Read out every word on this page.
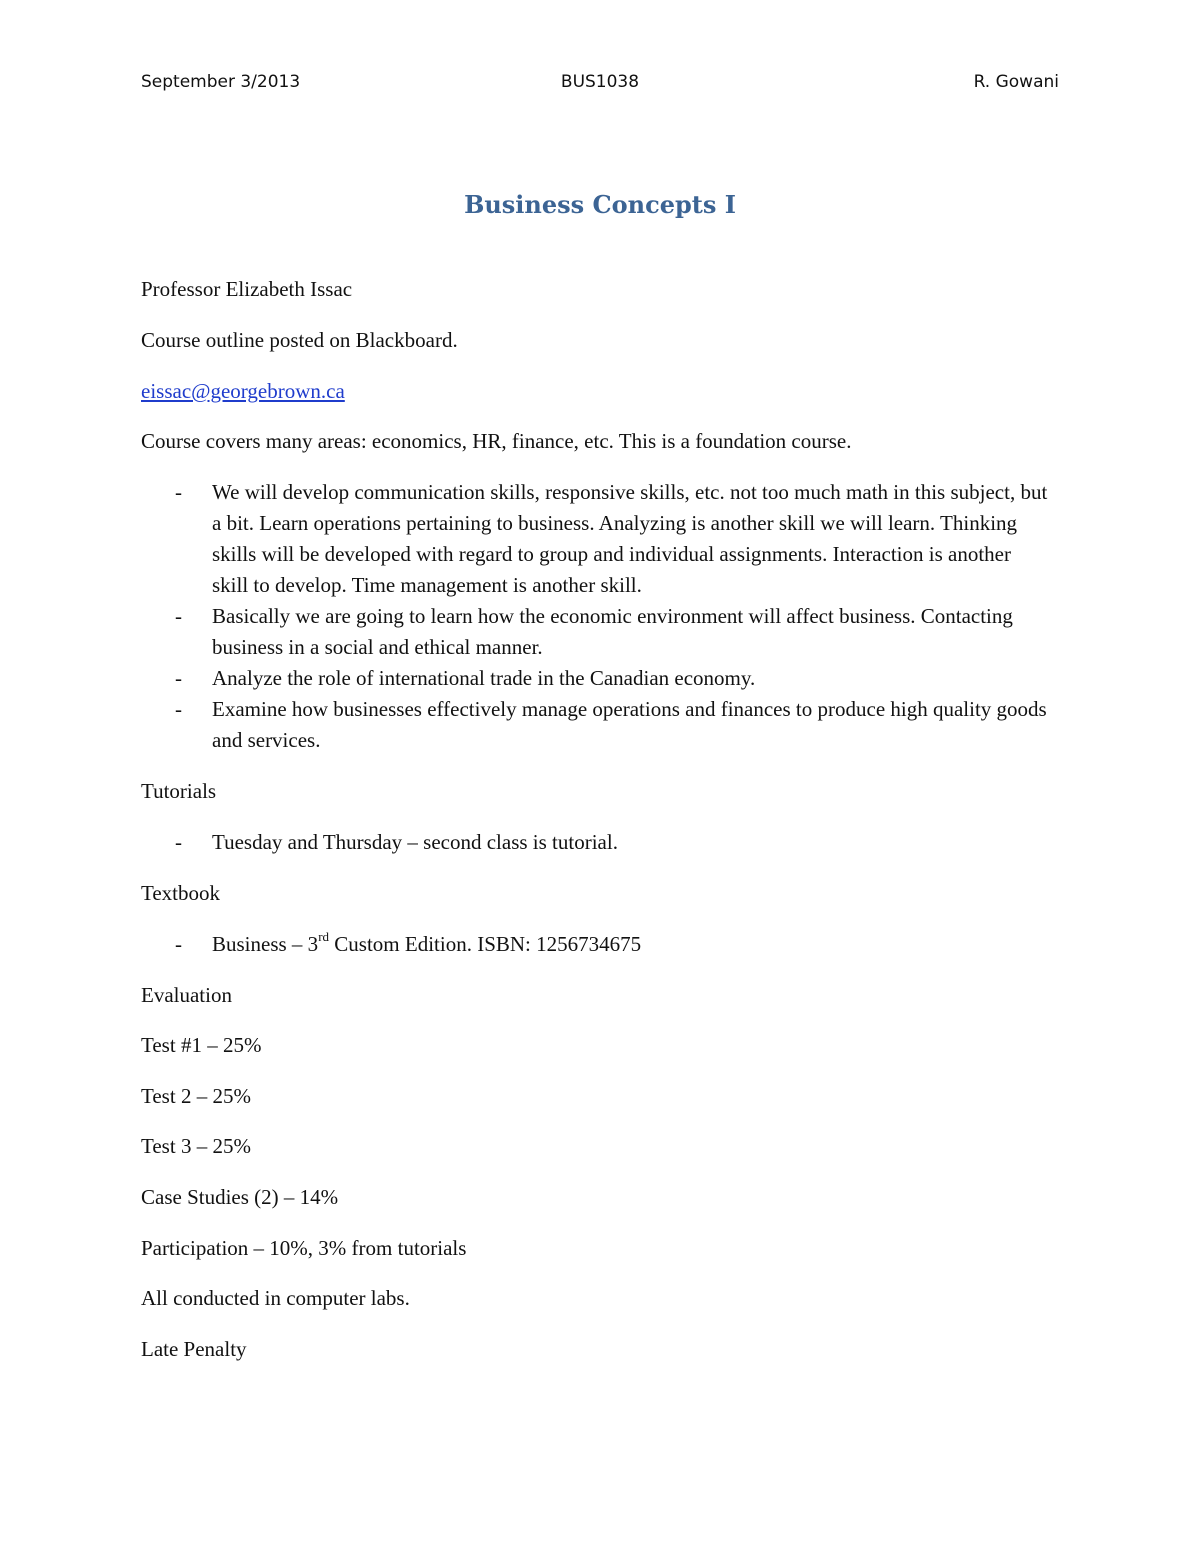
September 3/2013	BUS1038	R. Gowani
Business Concepts I
Professor Elizabeth Issac
Course outline posted on Blackboard.
eissac@georgebrown.ca
Course covers many areas: economics, HR, finance, etc. This is a foundation course.
- We will develop communication skills, responsive skills, etc. not too much math in this subject, but a bit. Learn operations pertaining to business. Analyzing is another skill we will learn. Thinking skills will be developed with regard to group and individual assignments. Interaction is another skill to develop. Time management is another skill.
- Basically we are going to learn how the economic environment will affect business. Contacting business in a social and ethical manner.
- Analyze the role of international trade in the Canadian economy.
- Examine how businesses effectively manage operations and finances to produce high quality goods and services.
Tutorials
- Tuesday and Thursday – second class is tutorial.
Textbook
- Business – 3rd Custom Edition. ISBN: 1256734675
Evaluation
Test #1 – 25%
Test 2 – 25%
Test 3 – 25%
Case Studies (2) – 14%
Participation – 10%, 3% from tutorials
All conducted in computer labs.
Late Penalty
